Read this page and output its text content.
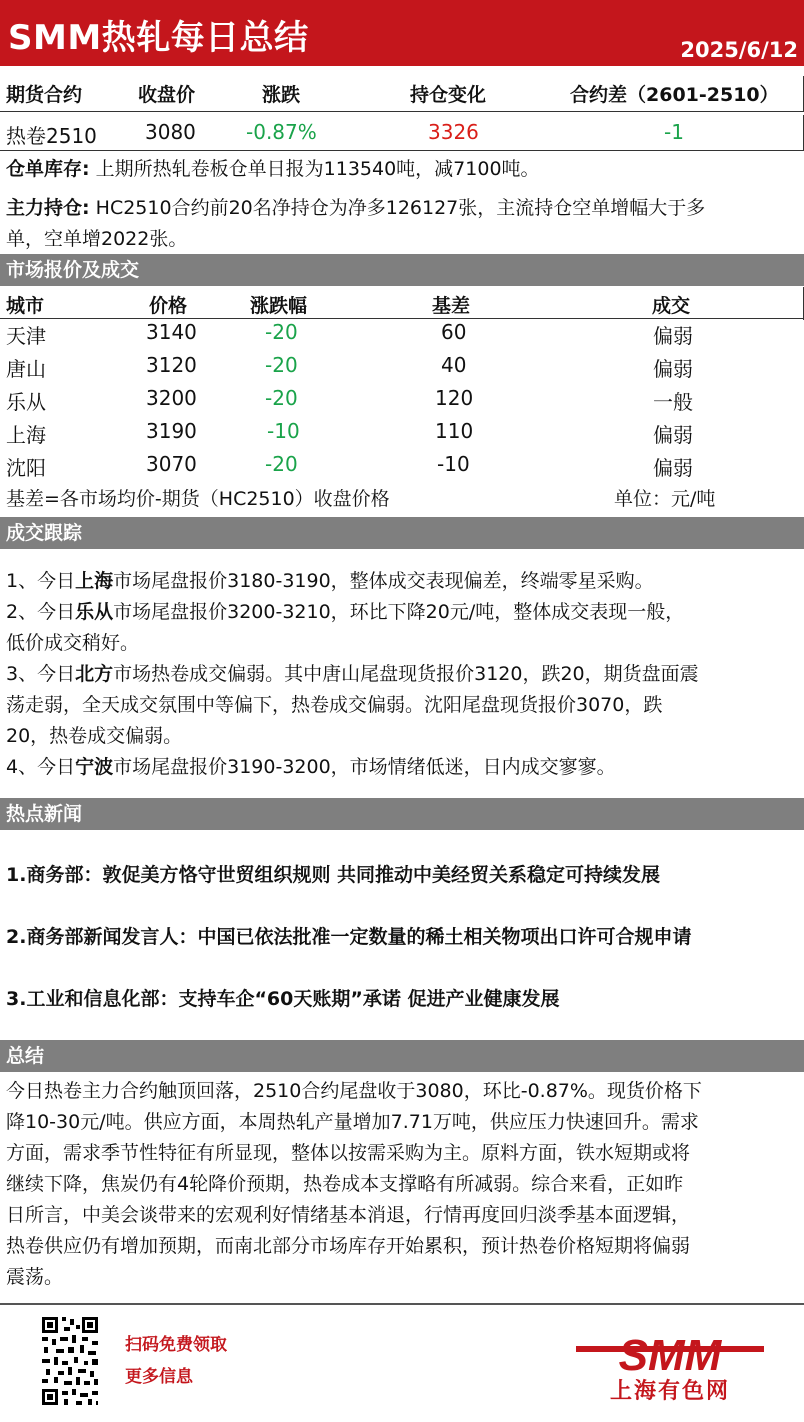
SMM热轧每日总结	2025/6/12
期货合约	收盘价	涨跌	持仓变化	合约差（2601-2510）
热卷2510 3080	-0.87%	3326	-1
仓单库存: 上期所热轧卷板仓单日报为113540吨，减7100吨。
主力持仓: HC2510合约前20名净持仓为净多126127张，主流持仓空单增幅大于多
单，空单增2022张。
市场报价及成交
城市	价格	涨跌幅	基差	成交
天津	3140	-20	60	偏弱
唐山	3120	-20	40	偏弱
乐从	3200	-20	120	一般
上海	3190	-10	110	偏弱
沈阳	3070	-20	-10	偏弱
基差=各市场均价-期货（HC2510）收盘价格	单位：元/吨
成交跟踪
1、今日上海市场尾盘报价3180-3190，整体成交表现偏差，终端零星采购。
2、今日乐从市场尾盘报价3200-3210，环比下降20元/吨，整体成交表现一般，
低价成交稍好。
3、今日北方市场热卷成交偏弱。其中唐山尾盘现货报价3120，跌20，期货盘面震
荡走弱，全天成交氛围中等偏下，热卷成交偏弱。沈阳尾盘现货报价3070，跌
20，热卷成交偏弱。
4、今日宁波市场尾盘报价3190-3200，市场情绪低迷，日内成交寥寥。
热点新闻
1.商务部：敦促美方恪守世贸组织规则 共同推动中美经贸关系稳定可持续发展
2.商务部新闻发言人：中国已依法批准一定数量的稀土相关物项出口许可合规申请
3.工业和信息化部：支持车企“60天账期”承诺 促进产业健康发展
总结
今日热卷主力合约触顶回落，2510合约尾盘收于3080，环比-0.87%。现货价格下
降10-30元/吨。供应方面，本周热轧产量增加7.71万吨，供应压力快速回升。需求
方面，需求季节性特征有所显现，整体以按需采购为主。原料方面，铁水短期或将
继续下降，焦炭仍有4轮降价预期，热卷成本支撑略有所减弱。综合来看，正如昨
日所言，中美会谈带来的宏观利好情绪基本消退，行情再度回归淡季基本面逻辑，
热卷供应仍有增加预期，而南北部分市场库存开始累积，预计热卷价格短期将偏弱
震荡。
扫码免费领取
更多信息	SMM
上海有色网
